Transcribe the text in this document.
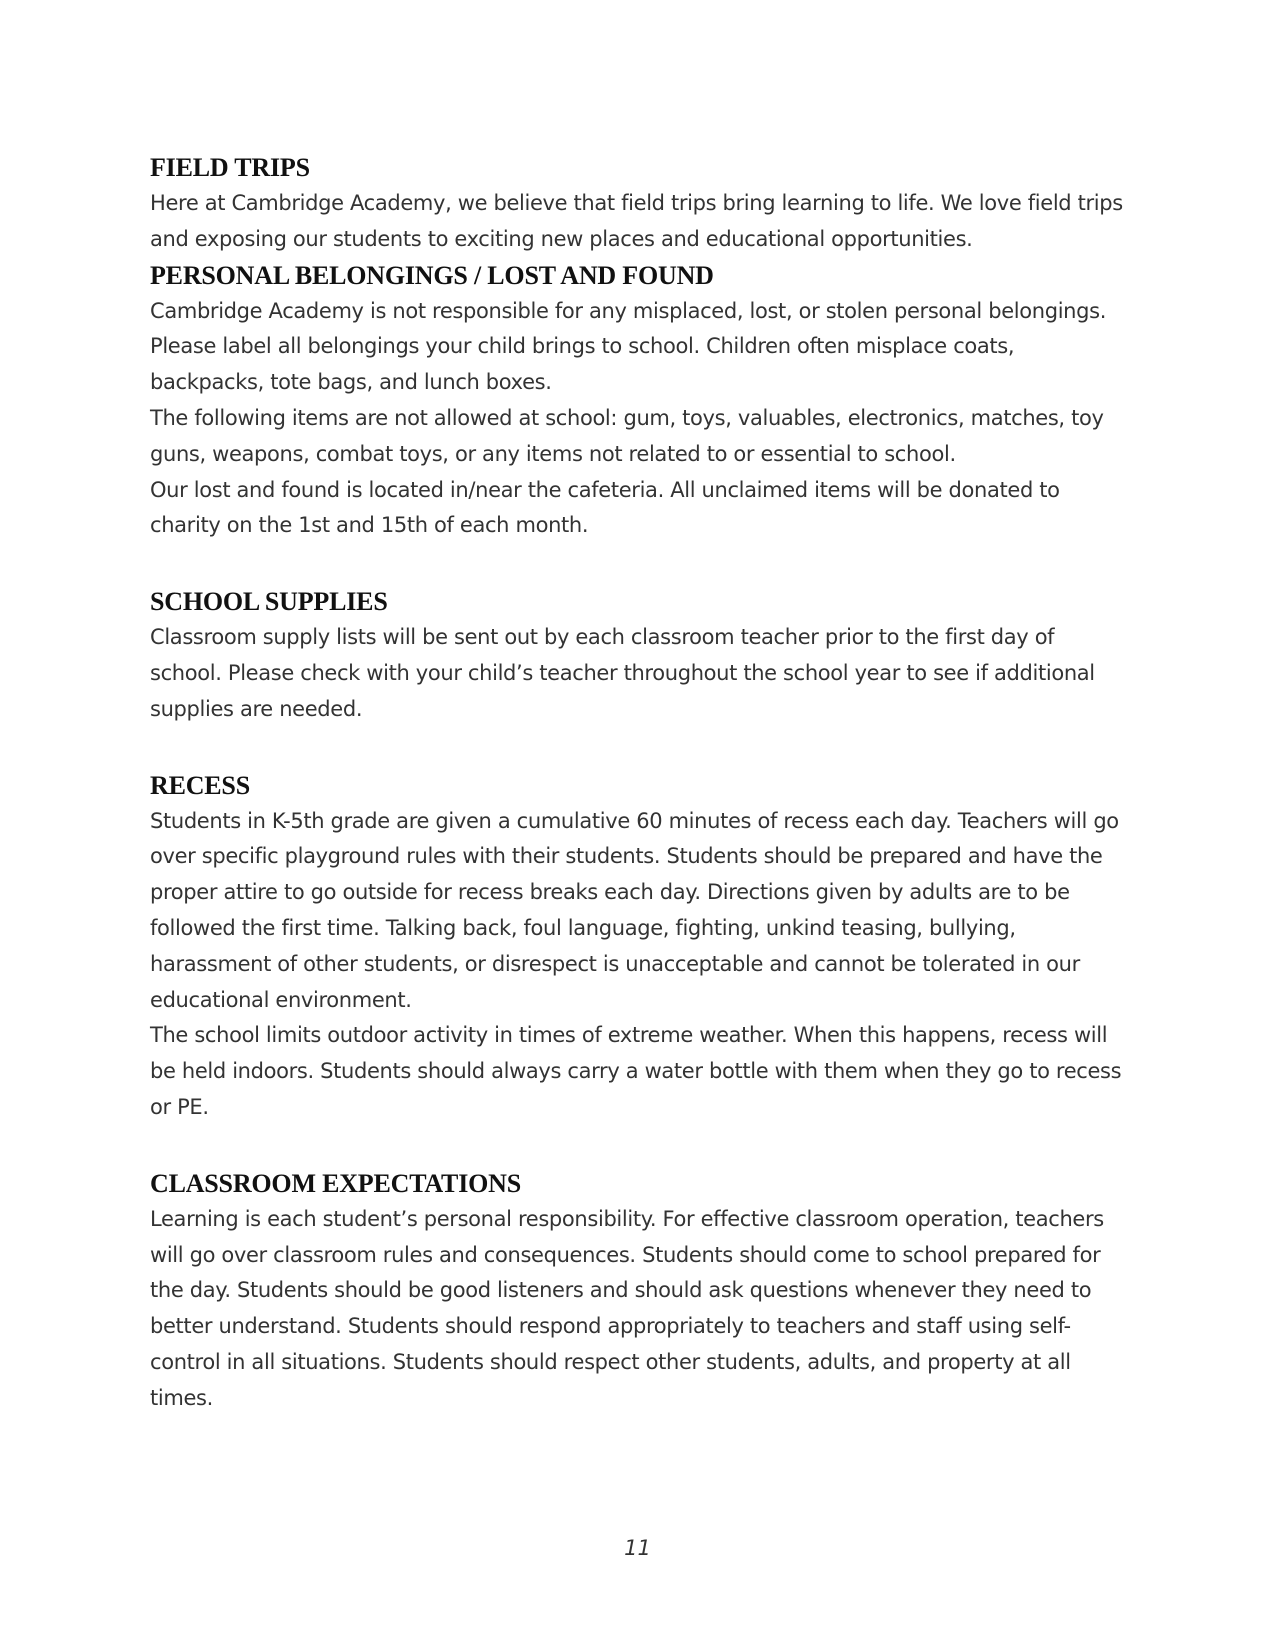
FIELD TRIPS

Here at Cambridge Academy, we believe that field trips bring learning to life. We love field trips and exposing our students to exciting new places and educational opportunities.

PERSONAL BELONGINGS / LOST AND FOUND

Cambridge Academy is not responsible for any misplaced, lost, or stolen personal belongings. Please label all belongings your child brings to school. Children often misplace coats, backpacks, tote bags, and lunch boxes.

The following items are not allowed at school: gum, toys, valuables, electronics, matches, toy guns, weapons, combat toys, or any items not related to or essential to school.

Our lost and found is located in/near the cafeteria. All unclaimed items will be donated to charity on the 1st and 15th of each month.

SCHOOL SUPPLIES

Classroom supply lists will be sent out by each classroom teacher prior to the first day of school. Please check with your child’s teacher throughout the school year to see if additional supplies are needed.

RECESS

Students in K-5th grade are given a cumulative 60 minutes of recess each day. Teachers will go over specific playground rules with their students. Students should be prepared and have the proper attire to go outside for recess breaks each day. Directions given by adults are to be followed the first time. Talking back, foul language, fighting, unkind teasing, bullying, harassment of other students, or disrespect is unacceptable and cannot be tolerated in our educational environment.

The school limits outdoor activity in times of extreme weather. When this happens, recess will be held indoors. Students should always carry a water bottle with them when they go to recess or PE.

CLASSROOM EXPECTATIONS

Learning is each student’s personal responsibility. For effective classroom operation, teachers will go over classroom rules and consequences. Students should come to school prepared for the day. Students should be good listeners and should ask questions whenever they need to better understand. Students should respond appropriately to teachers and staff using self-control in all situations. Students should respect other students, adults, and property at all times.

11
